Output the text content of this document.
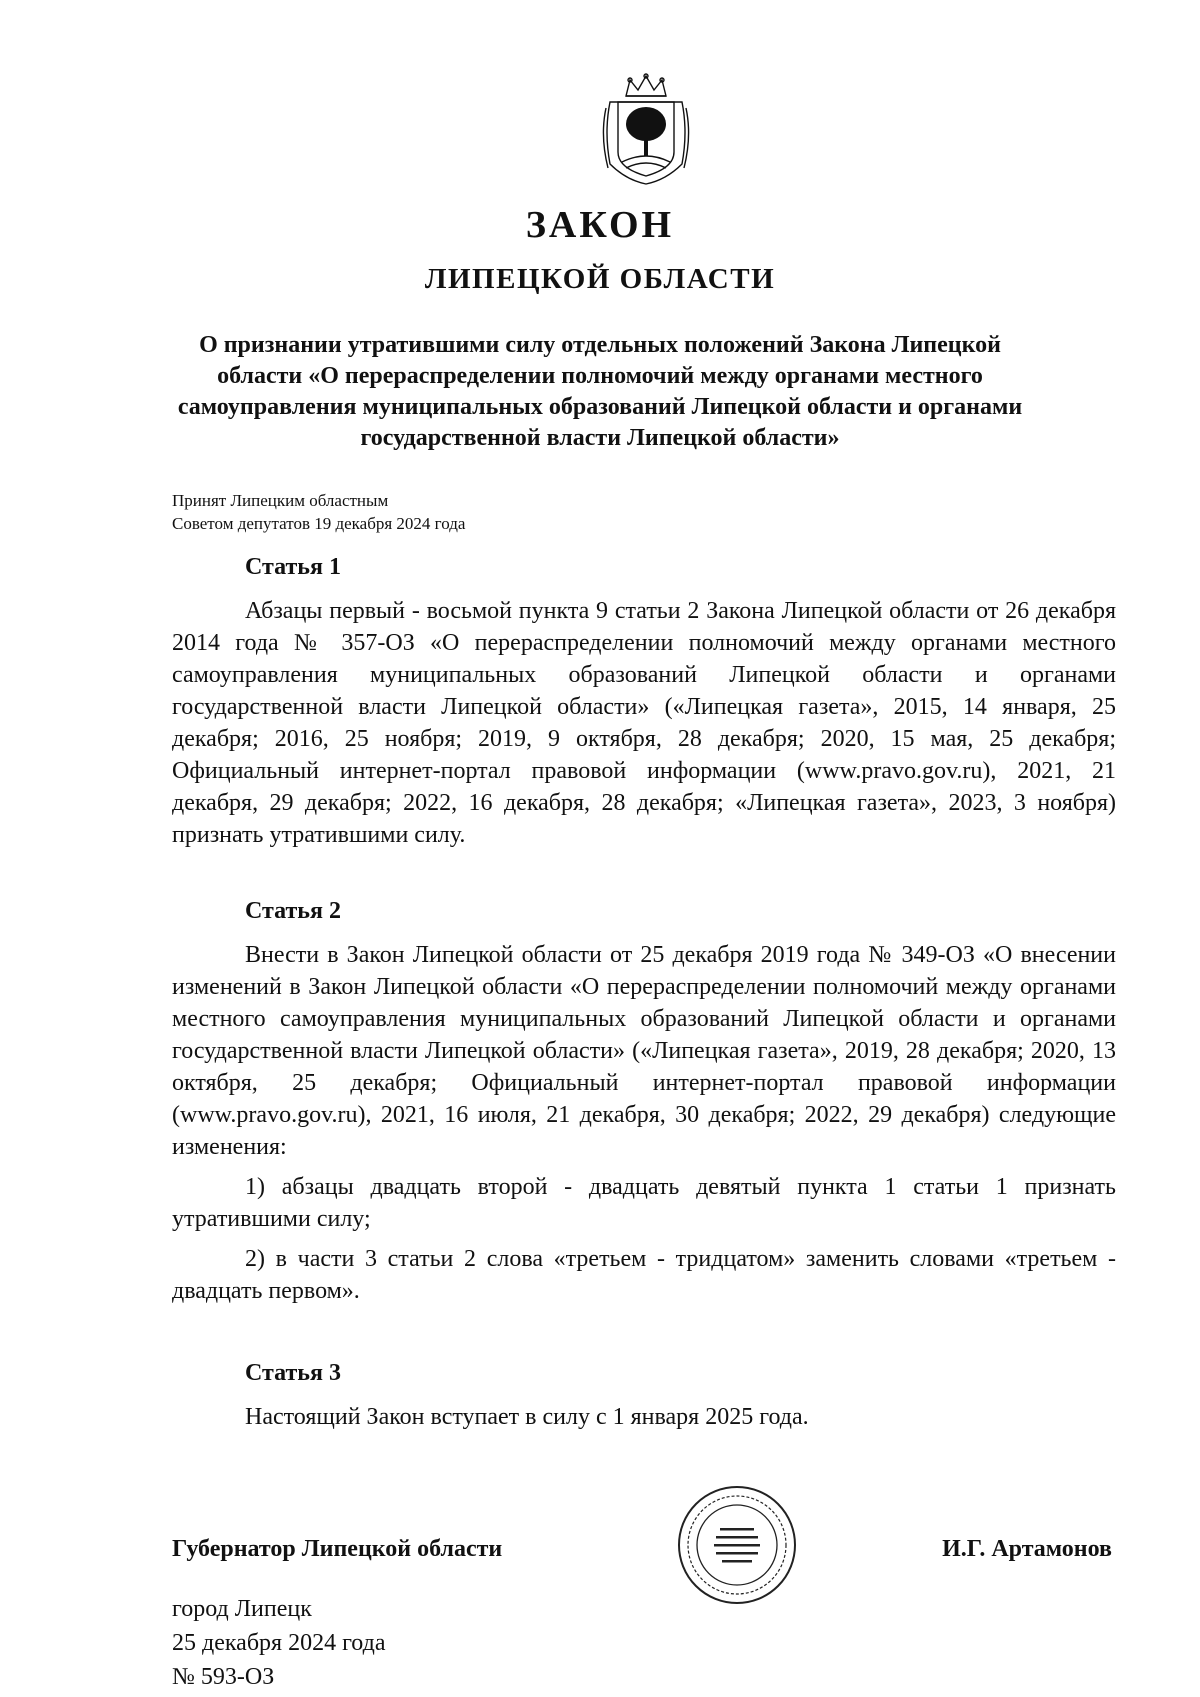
ЗАКОН
ЛИПЕЦКОЙ ОБЛАСТИ

О признании утратившими силу отдельных положений Закона Липецкой области «О перераспределении полномочий между органами местного самоуправления муниципальных образований Липецкой области и органами государственной власти Липецкой области»

Принят Липецким областным
Советом депутатов 19 декабря 2024 года
Статья 1

Абзацы первый - восьмой пункта 9 статьи 2 Закона Липецкой области от 26 декабря 2014 года № 357-ОЗ «О перераспределении полномочий между органами местного самоуправления муниципальных образований Липецкой области и органами государственной власти Липецкой области» («Липецкая газета», 2015, 14 января, 25 декабря; 2016, 25 ноября; 2019, 9 октября, 28 декабря; 2020, 15 мая, 25 декабря; Официальный интернет-портал правовой информации (www.pravo.gov.ru), 2021, 21 декабря, 29 декабря; 2022, 16 декабря, 28 декабря; «Липецкая газета», 2023, 3 ноября) признать утратившими силу.

Статья 2

Внести в Закон Липецкой области от 25 декабря 2019 года № 349-ОЗ «О внесении изменений в Закон Липецкой области «О перераспределении полномочий между органами местного самоуправления муниципальных образований Липецкой области и органами государственной власти Липецкой области» («Липецкая газета», 2019, 28 декабря; 2020, 13 октября, 25 декабря; Официальный интернет-портал правовой информации (www.pravo.gov.ru), 2021, 16 июля, 21 декабря, 30 декабря; 2022, 29 декабря) следующие изменения:

1) абзацы двадцать второй - двадцать девятый пункта 1 статьи 1 признать утратившими силу;

2) в части 3 статьи 2 слова «третьем - тридцатом» заменить словами «третьем - двадцать первом».

Статья 3

Настоящий Закон вступает в силу с 1 января 2025 года.

Губернатор Липецкой области	И.Г. Артамонов
город Липецк
25 декабря 2024 года
№ 593-ОЗ
